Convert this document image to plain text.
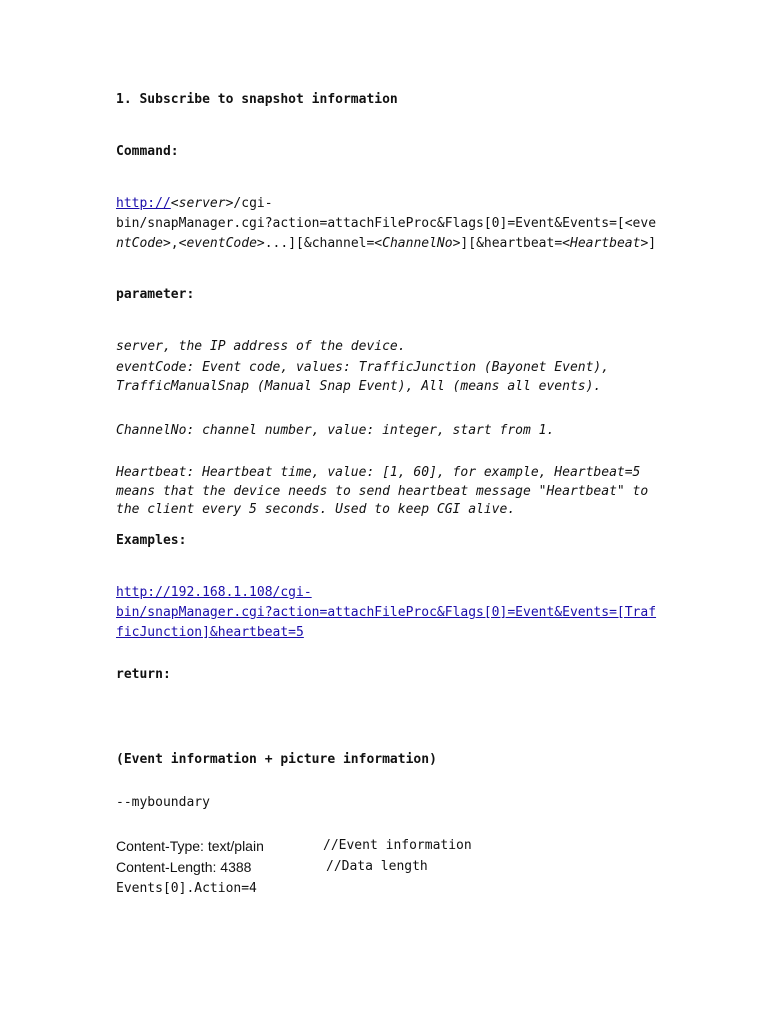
1. Subscribe to snapshot information
Command:
http://<server>/cgi-
bin/snapManager.cgi?action=attachFileProc&Flags[0]=Event&Events=[<eve
ntCode>,<eventCode>...][&channel=<ChannelNo>][&heartbeat=<Heartbeat>]
parameter:
server, the IP address of the device.
eventCode: Event code, values: TrafficJunction (Bayonet Event),
TrafficManualSnap (Manual Snap Event), All (means all events).
ChannelNo: channel number, value: integer, start from 1.
Heartbeat: Heartbeat time, value: [1, 60], for example, Heartbeat=5
means that the device needs to send heartbeat message "Heartbeat" to
the client every 5 seconds. Used to keep CGI alive.
Examples:
http://192.168.1.108/cgi-
bin/snapManager.cgi?action=attachFileProc&Flags[0]=Event&Events=[Traf
ficJunction]&heartbeat=5
return:
(Event information + picture information)
--myboundary
Content-Type: text/plain	//Event information
Content-Length: 4388	//Data length
Events[0].Action=4
